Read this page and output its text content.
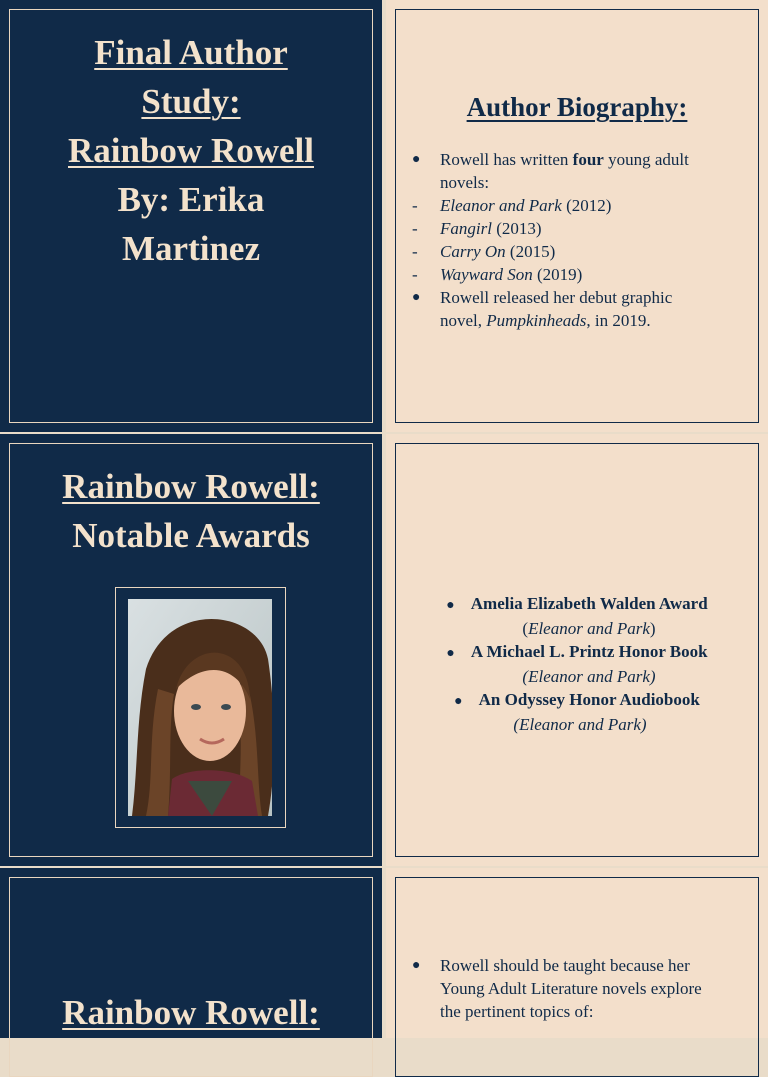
Final Author
Study:
Rainbow Rowell
By: Erika
Martinez
Author Biography:
● Rowell has written four young adult
novels:
- Eleanor and Park (2012)
- Fangirl (2013)
- Carry On (2015)
- Wayward Son (2019)
● Rowell released her debut graphic
novel, Pumpkinheads, in 2019.
Rainbow Rowell:
Notable Awards
● Amelia Elizabeth Walden Award
(Eleanor and Park)
● A Michael L. Printz Honor Book
(Eleanor and Park)
● An Odyssey Honor Audiobook
(Eleanor and Park)
Rainbow Rowell:
● Rowell should be taught because her
Young Adult Literature novels explore
the pertinent topics of:
